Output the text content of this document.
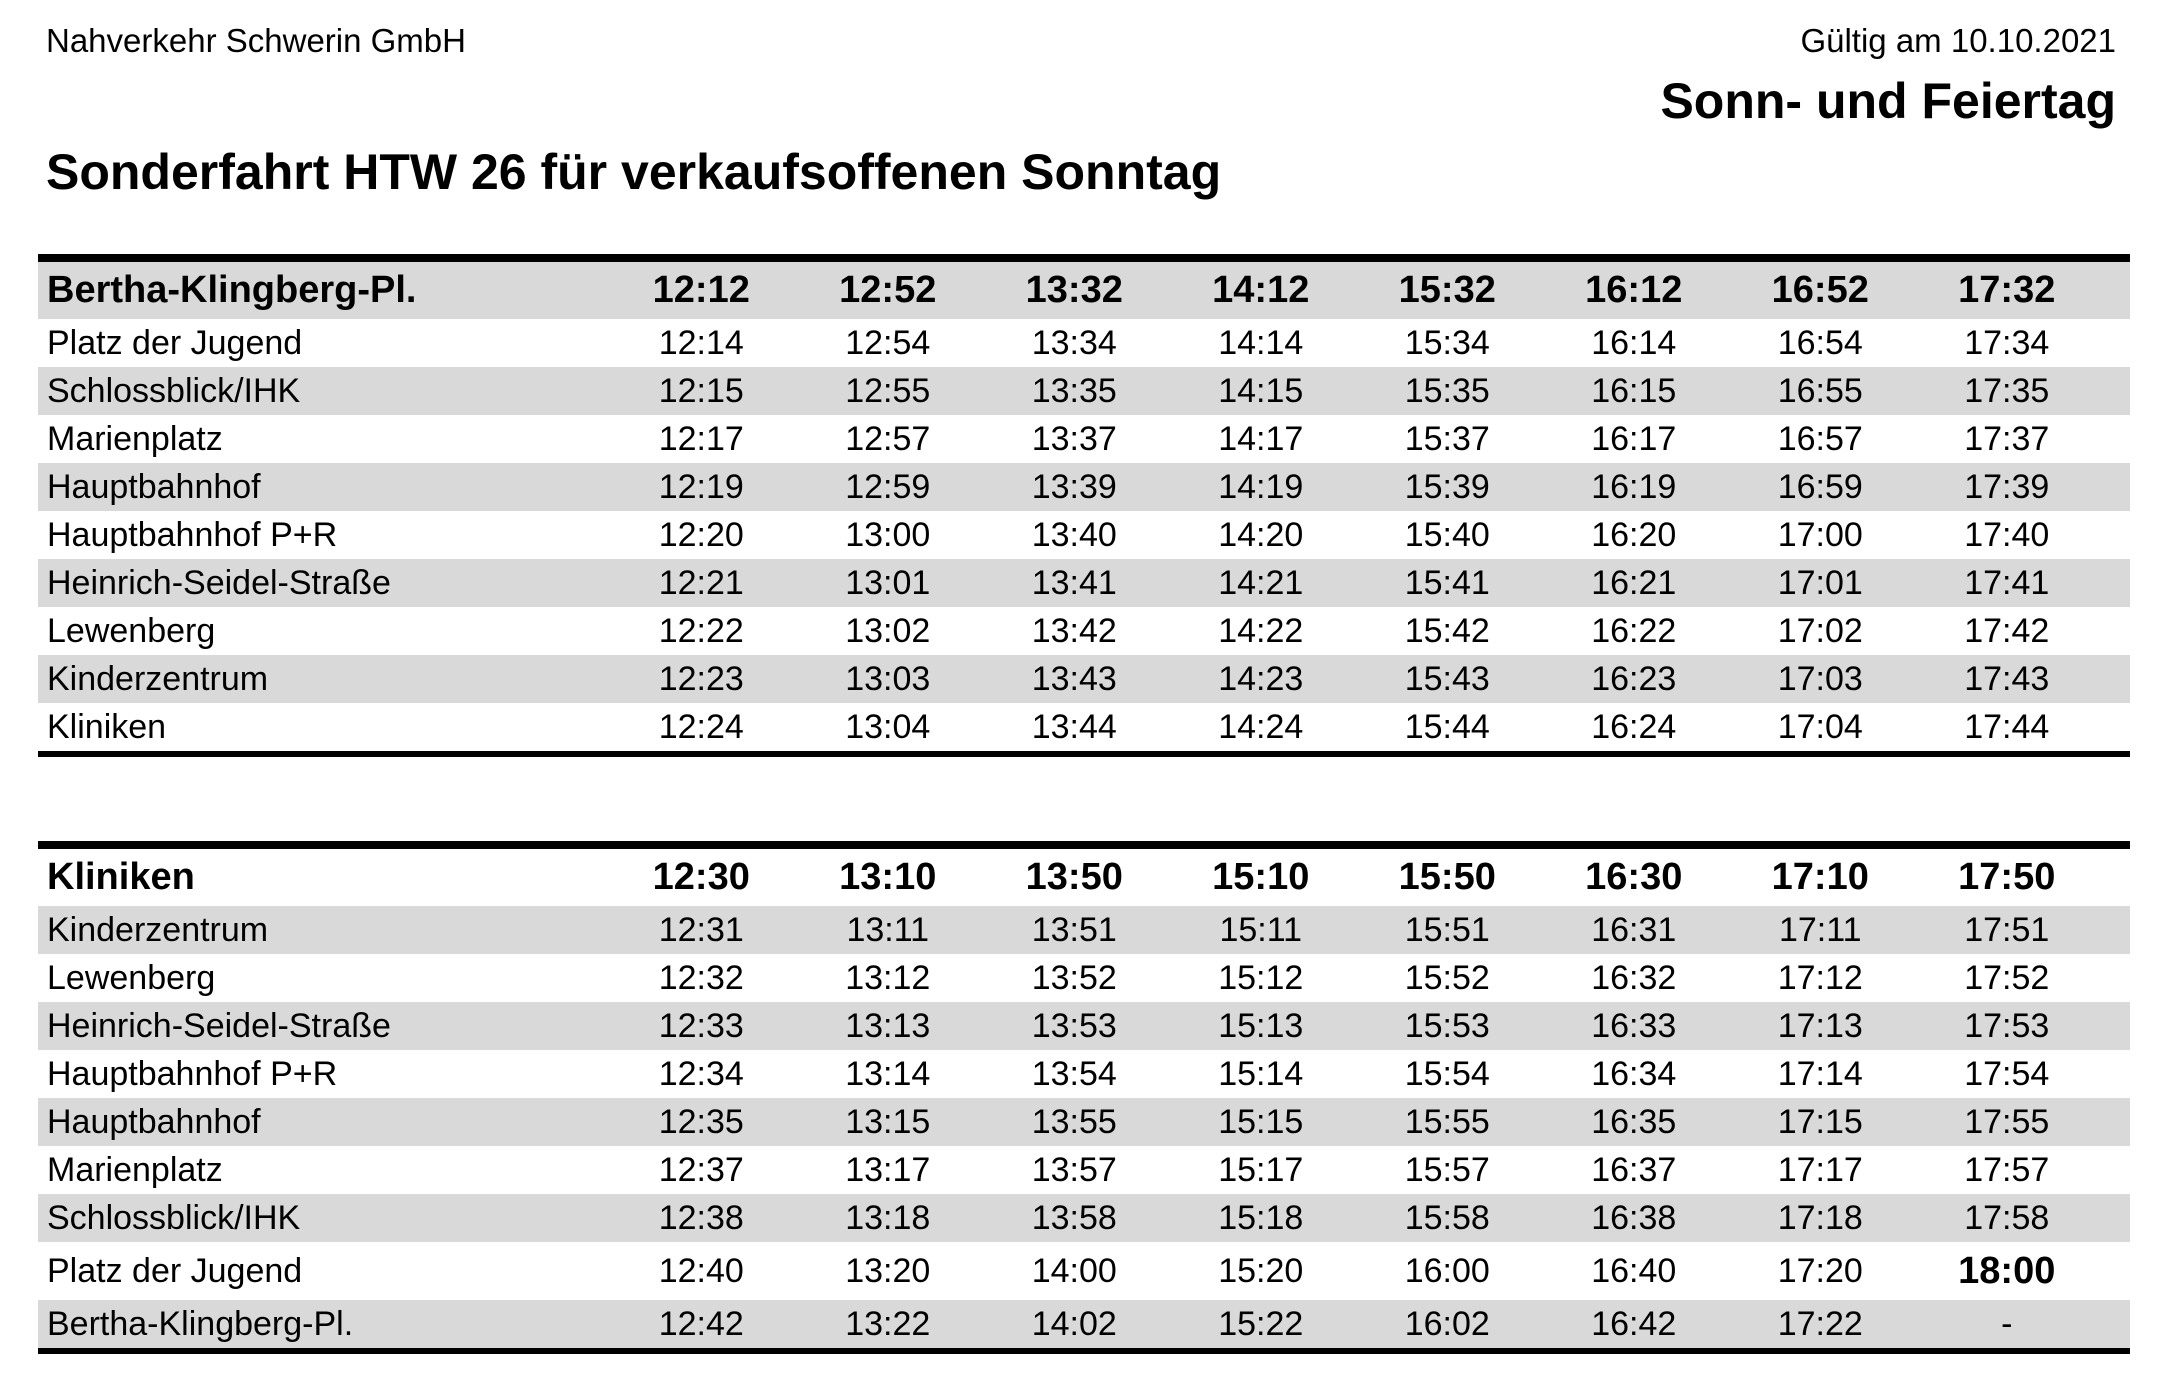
Nahverkehr Schwerin GmbH	Gültig am 10.10.2021
Sonn- und Feiertag
Sonderfahrt HTW 26 für verkaufsoffenen Sonntag
Bertha-Klingberg-Pl.	12:12	12:52	13:32	14:12	15:32	16:12	16:52	17:32
Platz der Jugend	12:14	12:54	13:34	14:14	15:34	16:14	16:54	17:34
Schlossblick/IHK	12:15	12:55	13:35	14:15	15:35	16:15	16:55	17:35
Marienplatz	12:17	12:57	13:37	14:17	15:37	16:17	16:57	17:37
Hauptbahnhof	12:19	12:59	13:39	14:19	15:39	16:19	16:59	17:39
Hauptbahnhof P+R	12:20	13:00	13:40	14:20	15:40	16:20	17:00	17:40
Heinrich-Seidel-Straße	12:21	13:01	13:41	14:21	15:41	16:21	17:01	17:41
Lewenberg	12:22	13:02	13:42	14:22	15:42	16:22	17:02	17:42
Kinderzentrum	12:23	13:03	13:43	14:23	15:43	16:23	17:03	17:43
Kliniken	12:24	13:04	13:44	14:24	15:44	16:24	17:04	17:44
Kliniken	12:30	13:10	13:50	15:10	15:50	16:30	17:10	17:50
Kinderzentrum	12:31	13:11	13:51	15:11	15:51	16:31	17:11	17:51
Lewenberg	12:32	13:12	13:52	15:12	15:52	16:32	17:12	17:52
Heinrich-Seidel-Straße	12:33	13:13	13:53	15:13	15:53	16:33	17:13	17:53
Hauptbahnhof P+R	12:34	13:14	13:54	15:14	15:54	16:34	17:14	17:54
Hauptbahnhof	12:35	13:15	13:55	15:15	15:55	16:35	17:15	17:55
Marienplatz	12:37	13:17	13:57	15:17	15:57	16:37	17:17	17:57
Schlossblick/IHK	12:38	13:18	13:58	15:18	15:58	16:38	17:18	17:58
Platz der Jugend	12:40	13:20	14:00	15:20	16:00	16:40	17:20	18:00
Bertha-Klingberg-Pl.	12:42	13:22	14:02	15:22	16:02	16:42	17:22	-
